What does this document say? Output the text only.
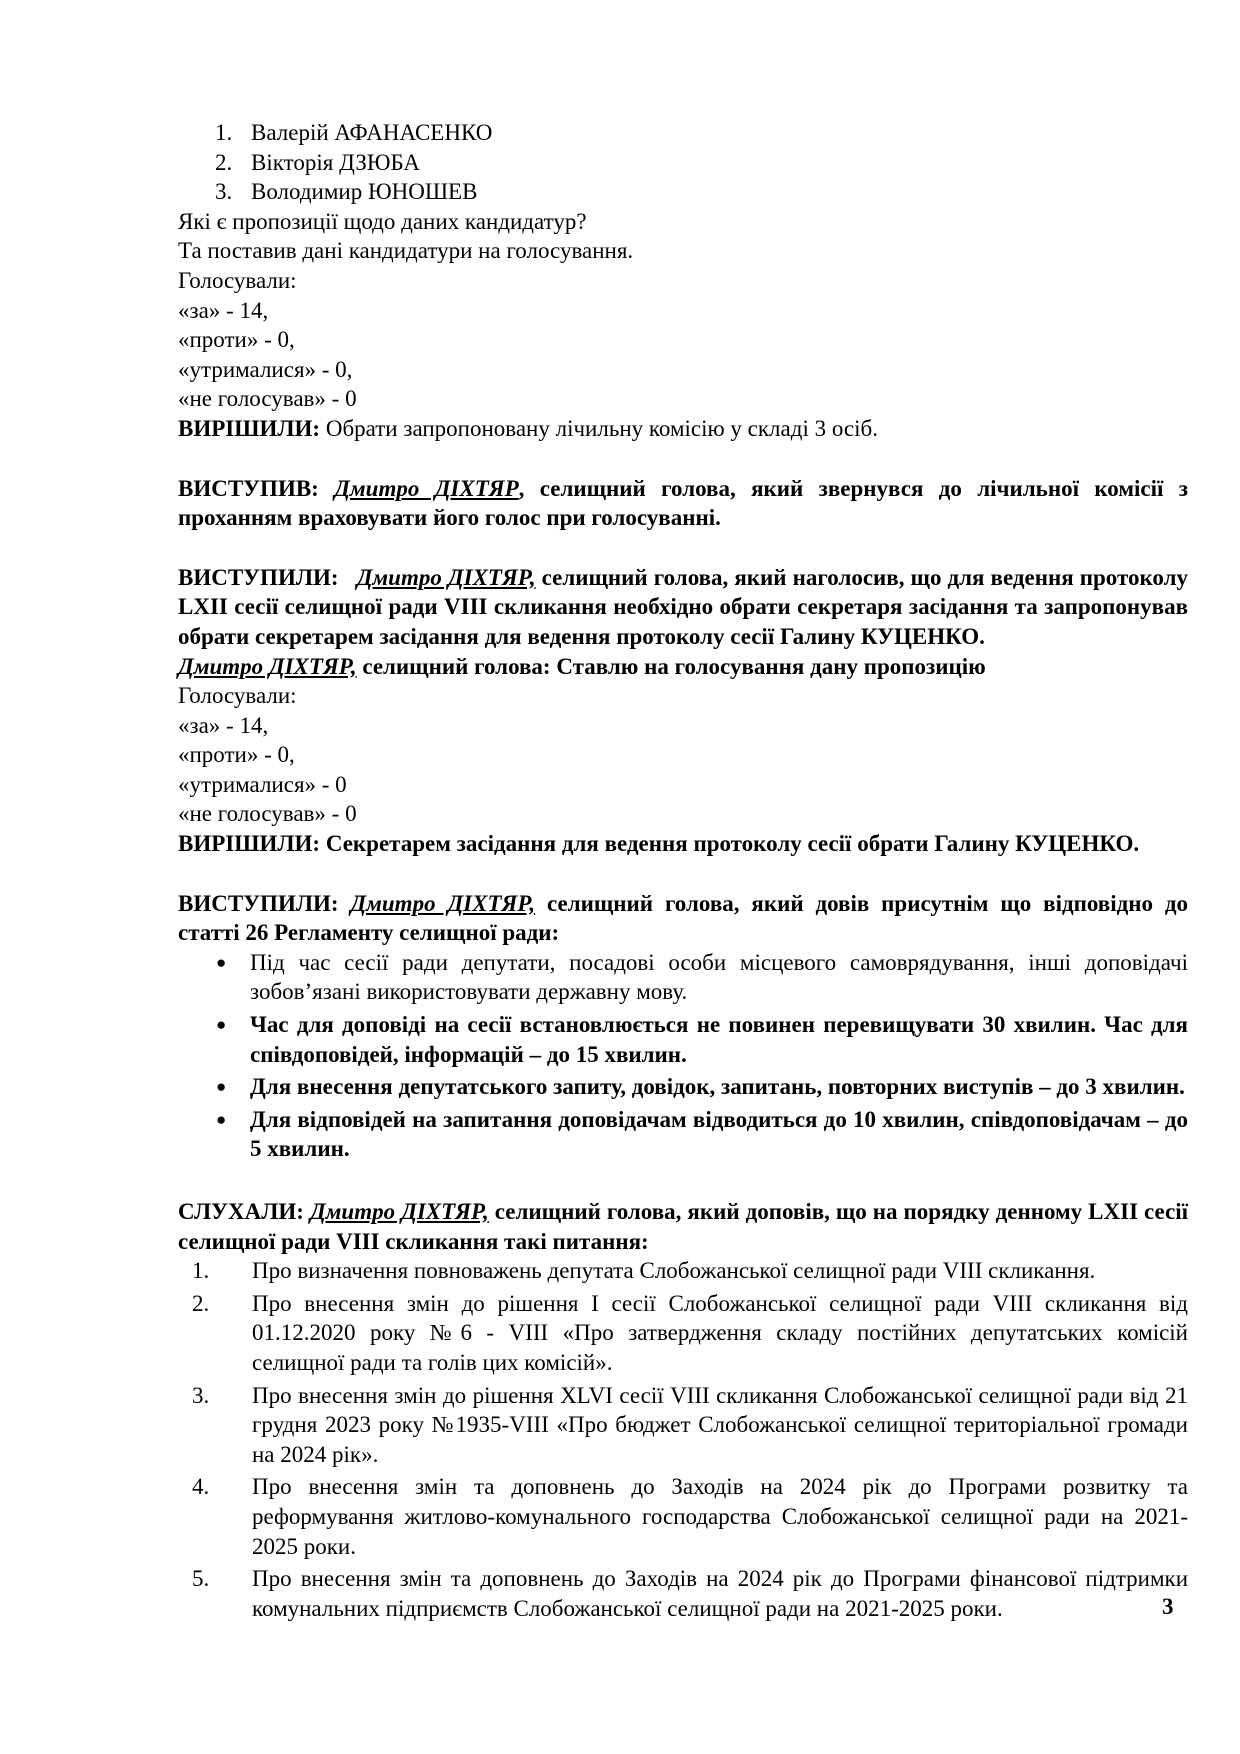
1. Валерій АФАНАСЕНКО
2. Вікторія ДЗЮБА
3. Володимир ЮНОШЕВ

Які є пропозиції щодо даних кандидатур?

Та поставив дані кандидатури на голосування.

Голосували:

«за» - 14,

«проти» - 0,

«утрималися» - 0,

«не голосував» - 0

ВИРІШИЛИ: Обрати запропоновану лічильну комісію у складі 3 осіб.

ВИСТУПИВ: Дмитро ДІХТЯР, селищний голова, який звернувся до лічильної комісії з проханням враховувати його голос при голосуванні.

ВИСТУПИЛИ: Дмитро ДІХТЯР, селищний голова, який наголосив, що для ведення протоколу LXII сесії селищної ради VIII скликання необхідно обрати секретаря засідання та запропонував обрати секретарем засідання для ведення протоколу сесії Галину КУЦЕНКО.

Дмитро ДІХТЯР, селищний голова: Ставлю на голосування дану пропозицію

Голосували:

«за» - 14,

«проти» - 0,

«утрималися» - 0

«не голосував» - 0

ВИРІШИЛИ: Секретарем засідання для ведення протоколу сесії обрати Галину КУЦЕНКО.

ВИСТУПИЛИ: Дмитро ДІХТЯР, селищний голова, який довів присутнім що відповідно до статті 26 Регламенту селищної ради:

● Під час сесії ради депутати, посадові особи місцевого самоврядування, інші доповідачі зобов’язані використовувати державну мову.
● Час для доповіді на сесії встановлюється не повинен перевищувати 30 хвилин. Час для співдоповідей, інформацій – до 15 хвилин.
● Для внесення депутатського запиту, довідок, запитань, повторних виступів – до 3 хвилин.
● Для відповідей на запитання доповідачам відводиться до 10 хвилин, співдоповідачам – до 5 хвилин.

СЛУХАЛИ: Дмитро ДІХТЯР, селищний голова, який доповів, що на порядку денному LXII сесії селищної ради VIII скликання такі питання:

1. Про визначення повноважень депутата Слобожанської селищної ради VIII скликання.
2. Про внесення змін до рішення I сесії Слобожанської селищної ради VIII скликання від 01.12.2020 року №6 - VIII «Про затвердження складу постійних депутатських комісій селищної ради та голів цих комісій».
3. Про внесення змін до рішення XLVI сесії VIII скликання Слобожанської селищної ради від 21 грудня 2023 року №1935-VIII «Про бюджет Слобожанської селищної територіальної громади на 2024 рік».
4. Про внесення змін та доповнень до Заходів на 2024 рік до Програми розвитку та реформування житлово-комунального господарства Слобожанської селищної ради на 2021-2025 роки.
5. Про внесення змін та доповнень до Заходів на 2024 рік до Програми фінансової підтримки комунальних підприємств Слобожанської селищної ради на 2021-2025 роки.	3
